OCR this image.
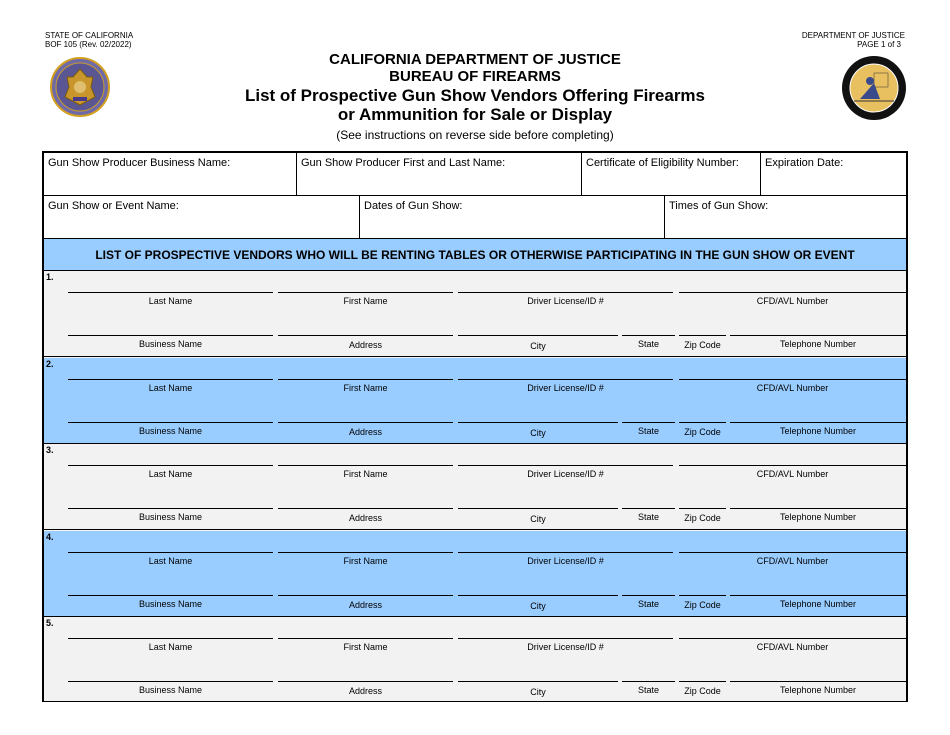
STATE OF CALIFORNIA
BOF 105 (Rev. 02/2022)
DEPARTMENT OF JUSTICE
PAGE 1 of 3
CALIFORNIA DEPARTMENT OF JUSTICE
BUREAU OF FIREARMS
List of Prospective Gun Show Vendors Offering Firearms
or Ammunition for Sale or Display
(See instructions on reverse side before completing)
Gun Show Producer Business Name:	Gun Show Producer First and Last Name:	Certificate of Eligibility Number:	Expiration Date:
Gun Show or Event Name:	Dates of Gun Show:	Times of Gun Show:
LIST OF PROSPECTIVE VENDORS WHO WILL BE RENTING TABLES OR OTHERWISE PARTICIPATING IN THE GUN SHOW OR EVENT
1.
Last Name	First Name	Driver License/ID #	CFD/AVL Number
Business Name	Address	City	State	Zip Code	Telephone Number
2.
Last Name	First Name	Driver License/ID #	CFD/AVL Number
Business Name	Address	City	State	Zip Code	Telephone Number
3.
Last Name	First Name	Driver License/ID #	CFD/AVL Number
Business Name	Address	City	State	Zip Code	Telephone Number
4.
Last Name	First Name	Driver License/ID #	CFD/AVL Number
Business Name	Address	City	State	Zip Code	Telephone Number
5.
Last Name	First Name	Driver License/ID #	CFD/AVL Number
Business Name	Address	City	State	Zip Code	Telephone Number
